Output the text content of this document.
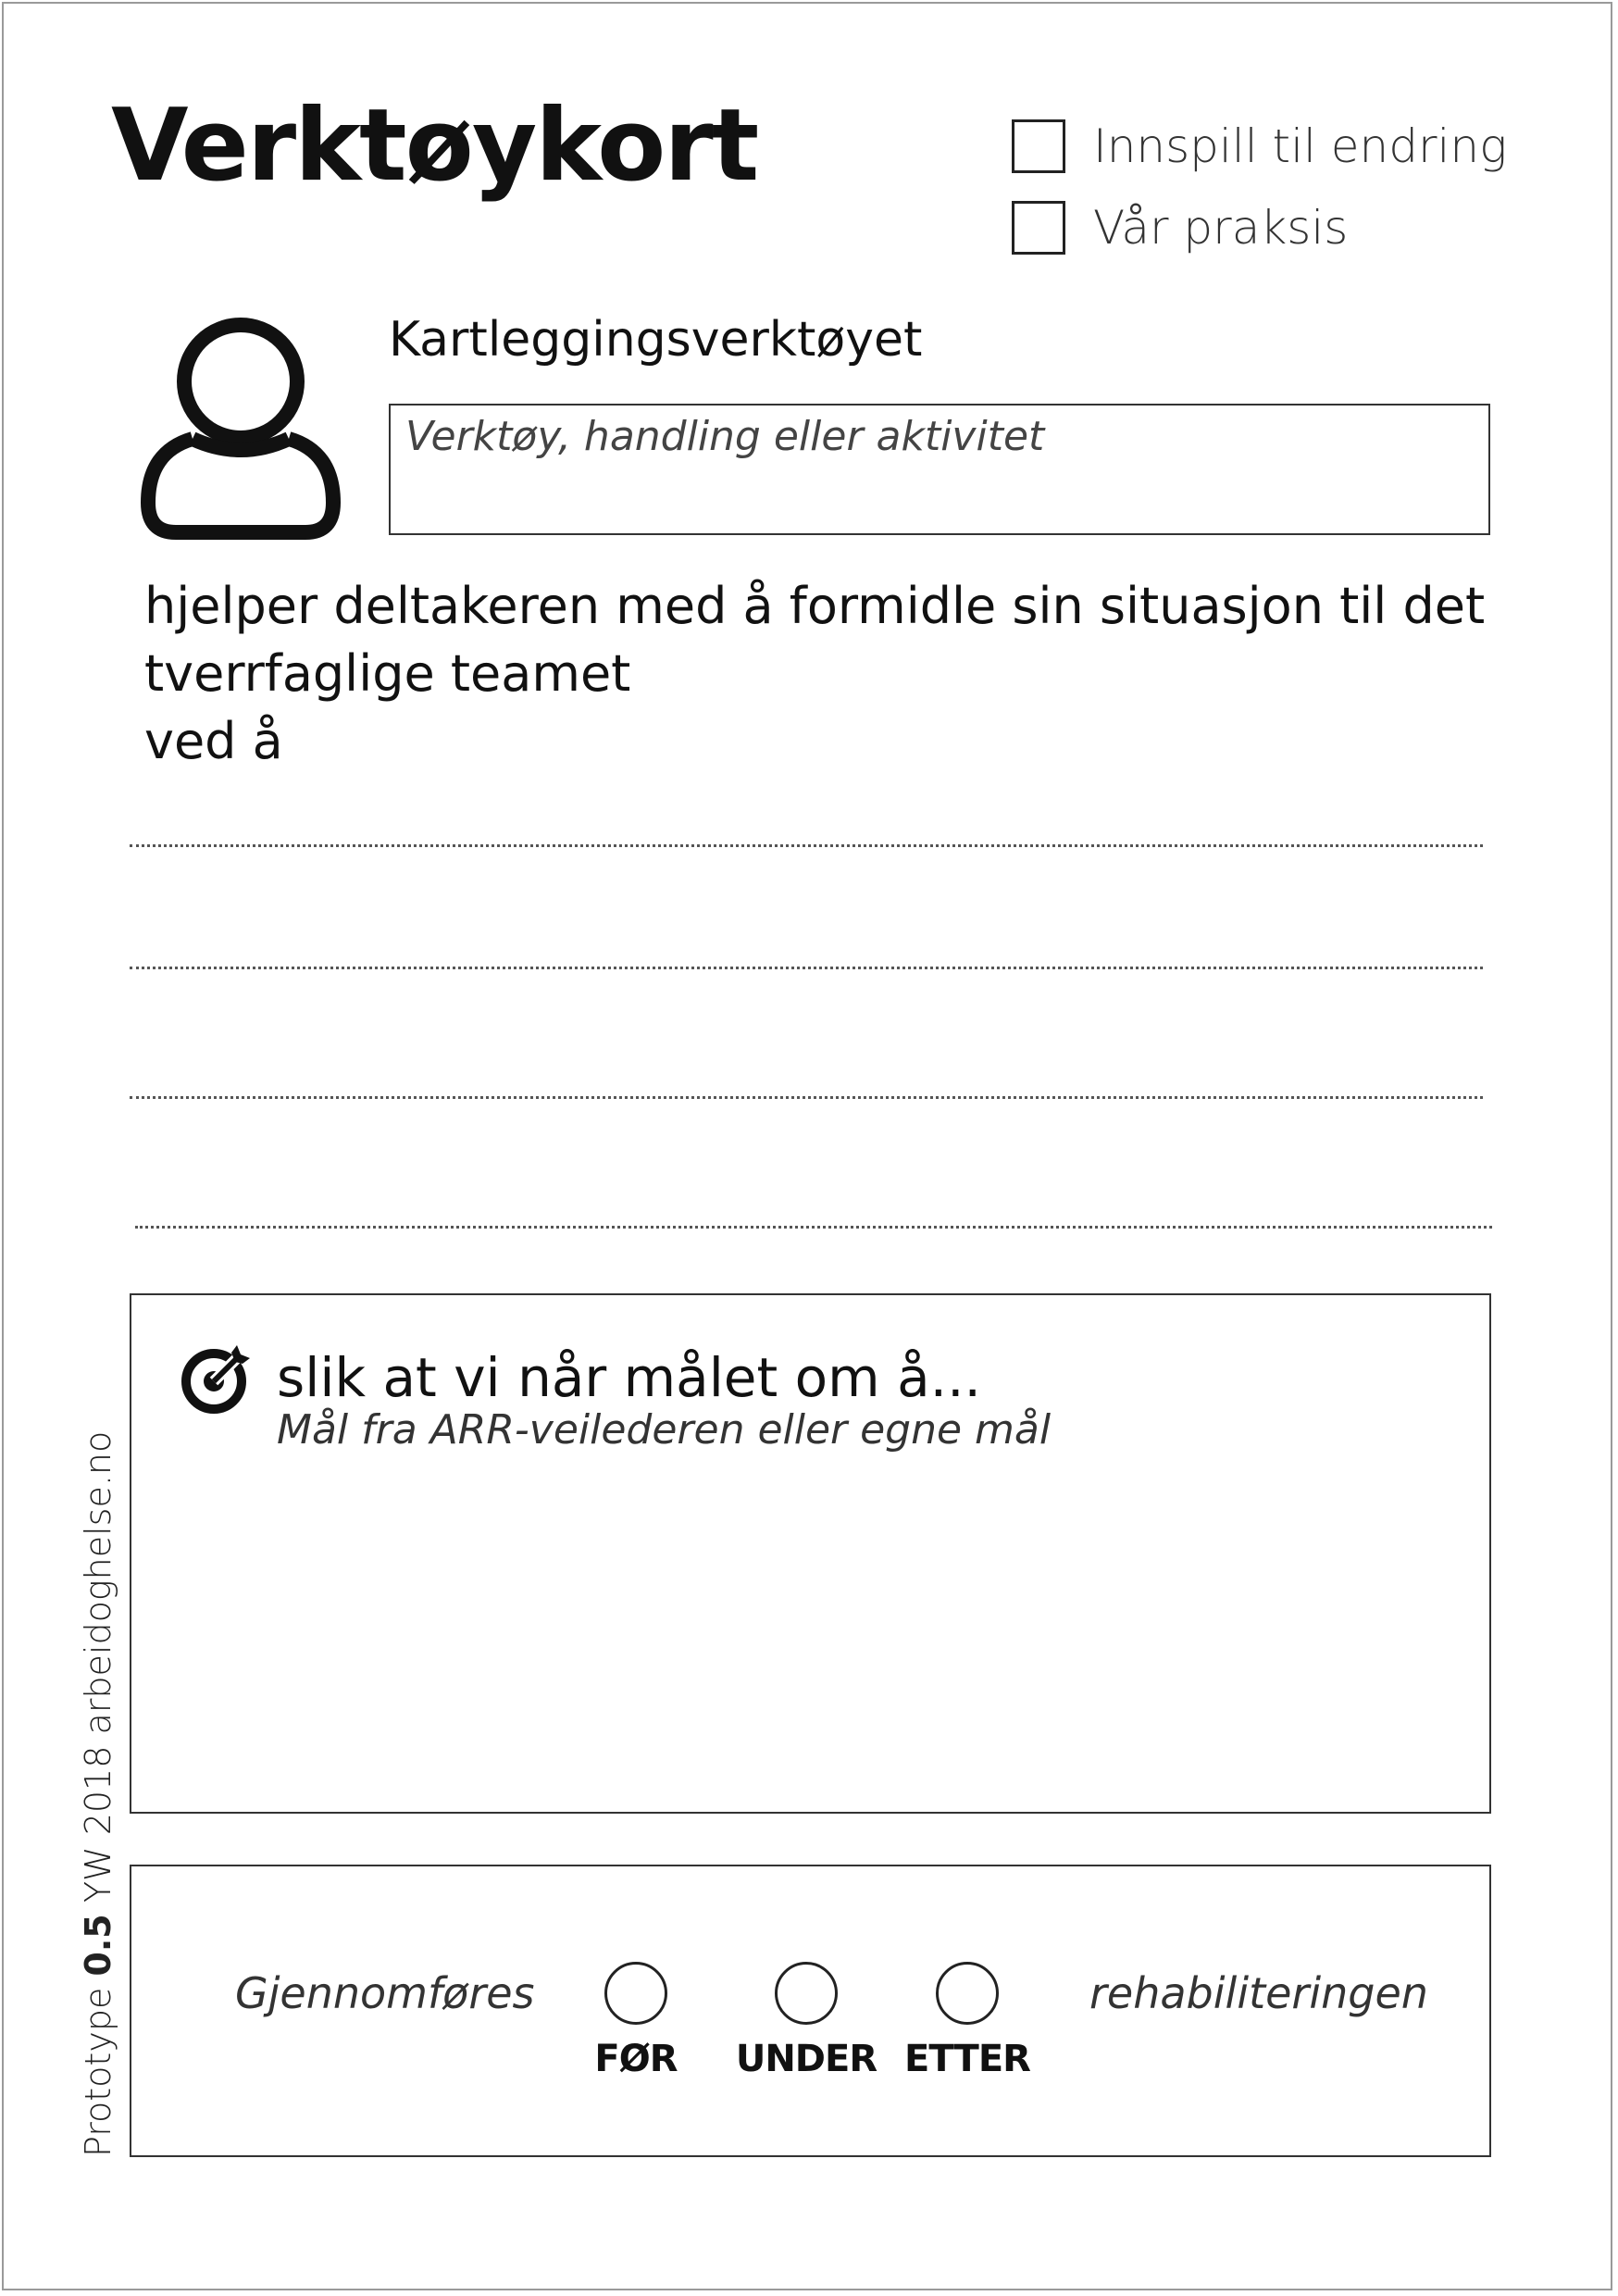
Verktøykort	Innspill til endring
Vår praksis
Kartleggingsverktøyet
Verktøy, handling eller aktivitet
hjelper deltakeren med å formidle sin situasjon til det
tverrfaglige teamet
ved å
slik at vi når målet om å...
Mål fra ARR-veilederen eller egne mål
Gjennomføres
FØR UNDER ETTER
rehabiliteringen
Prototype 0.5 YW 2018 arbeidoghelse.no
